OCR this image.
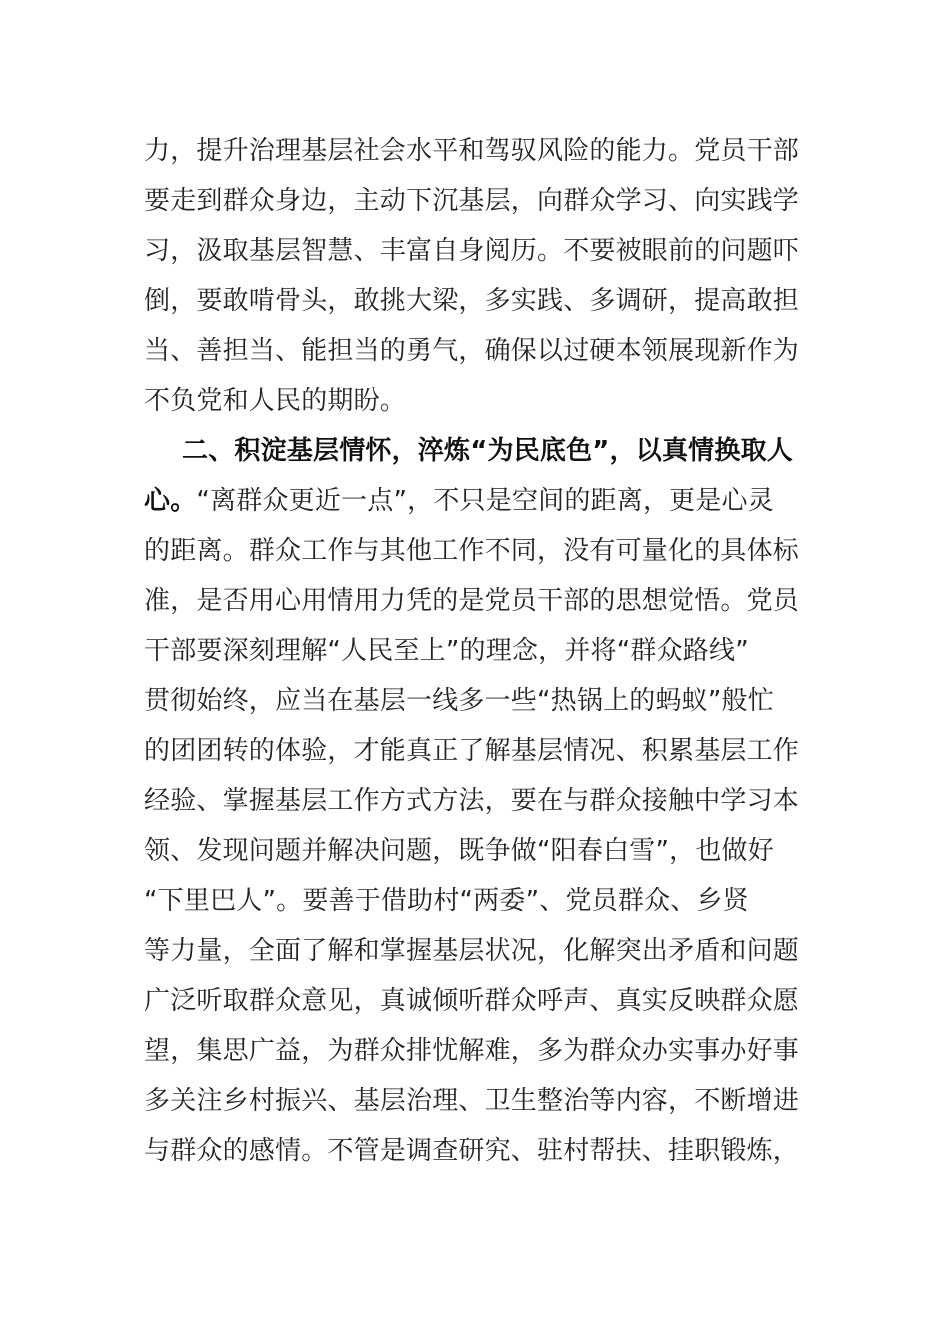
力，提升治理基层社会水平和驾驭风险的能力。党员干部
要走到群众身边，主动下沉基层，向群众学习、向实践学
习，汲取基层智慧、丰富自身阅历。不要被眼前的问题吓
倒，要敢啃骨头，敢挑大梁，多实践、多调研，提高敢担
当、善担当、能担当的勇气，确保以过硬本领展现新作为
不负党和人民的期盼。
二、积淀基层情怀，淬炼“为民底色”，以真情换取人
心。“离群众更近一点”，不只是空间的距离，更是心灵
的距离。群众工作与其他工作不同，没有可量化的具体标
准，是否用心用情用力凭的是党员干部的思想觉悟。党员
干部要深刻理解“人民至上”的理念，并将“群众路线”
贯彻始终，应当在基层一线多一些“热锅上的蚂蚁”般忙
的团团转的体验，才能真正了解基层情况、积累基层工作
经验、掌握基层工作方式方法，要在与群众接触中学习本
领、发现问题并解决问题，既争做“阳春白雪”，也做好
“下里巴人”。要善于借助村“两委”、党员群众、乡贤
等力量，全面了解和掌握基层状况，化解突出矛盾和问题
广泛听取群众意见，真诚倾听群众呼声、真实反映群众愿
望，集思广益，为群众排忧解难，多为群众办实事办好事
多关注乡村振兴、基层治理、卫生整治等内容，不断增进
与群众的感情。不管是调查研究、驻村帮扶、挂职锻炼，
